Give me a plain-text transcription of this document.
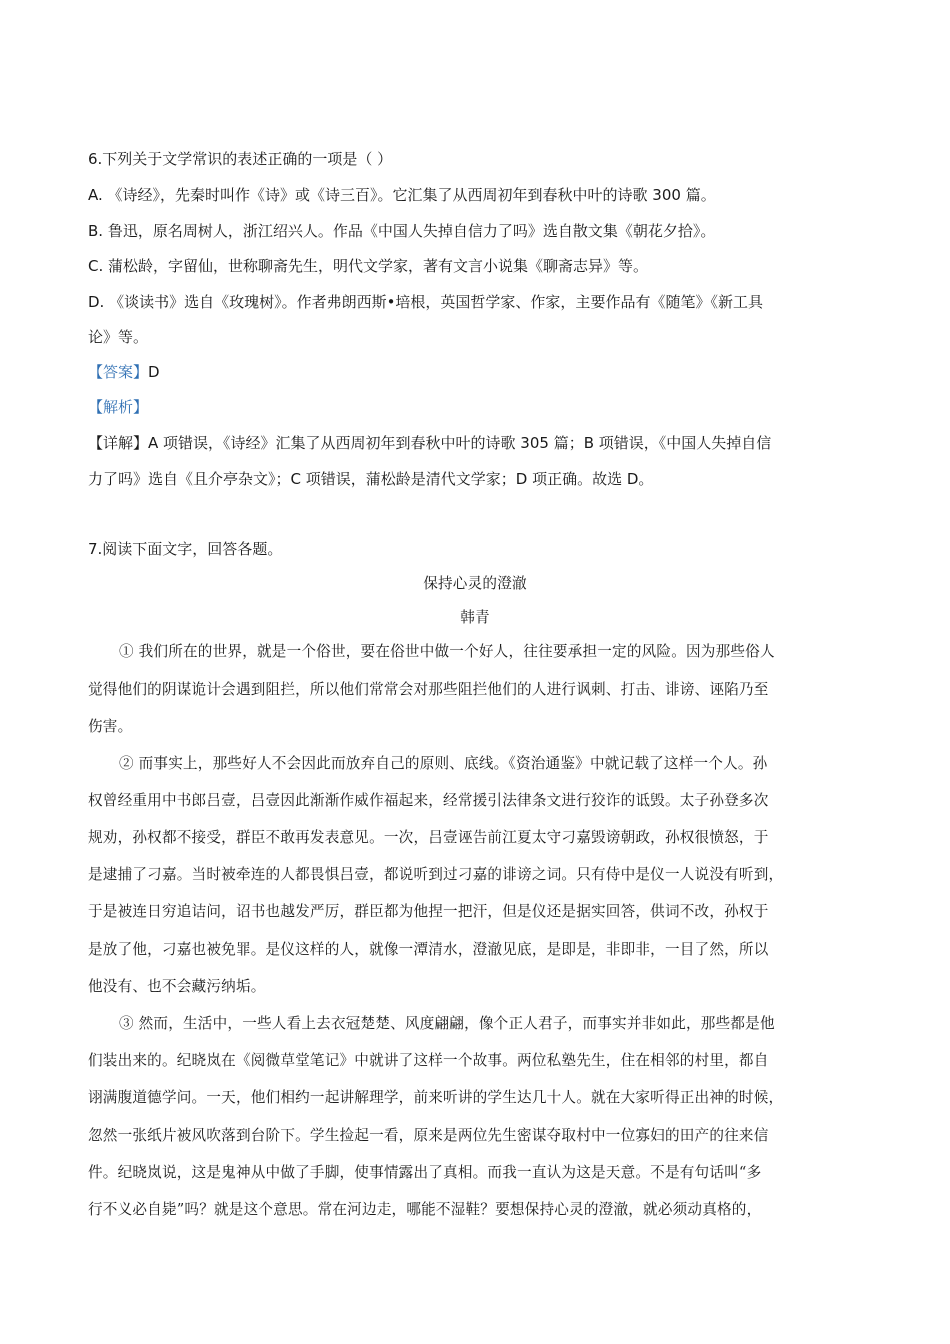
6.下列关于文学常识的表述正确的一项是（ ）
A. 《诗经》，先秦时叫作《诗》或《诗三百》。它汇集了从西周初年到春秋中叶的诗歌 300 篇。
B. 鲁迅，原名周树人，浙江绍兴人。作品《中国人失掉自信力了吗》选自散文集《朝花夕拾》。
C. 蒲松龄，字留仙，世称聊斋先生，明代文学家，著有文言小说集《聊斋志异》等。
D. 《谈读书》选自《玫瑰树》。作者弗朗西斯•培根，英国哲学家、作家，主要作品有《随笔》《新工具
论》等。
【答案】D
【解析】
【详解】A 项错误，《诗经》汇集了从西周初年到春秋中叶的诗歌 305 篇；B 项错误，《中国人失掉自信
力了吗》选自《且介亭杂文》；C 项错误，蒲松龄是清代文学家；D 项正确。故选 D。
7.阅读下面文字，回答各题。
保持心灵的澄澈
韩青
① 我们所在的世界，就是一个俗世，要在俗世中做一个好人，往往要承担一定的风险。因为那些俗人
觉得他们的阴谋诡计会遇到阻拦，所以他们常常会对那些阻拦他们的人进行讽刺、打击、诽谤、诬陷乃至
伤害。
② 而事实上，那些好人不会因此而放弃自己的原则、底线。《资治通鉴》中就记载了这样一个人。孙
权曾经重用中书郎吕壹，吕壹因此渐渐作威作福起来，经常援引法律条文进行狡诈的诋毁。太子孙登多次
规劝，孙权都不接受，群臣不敢再发表意见。一次，吕壹诬告前江夏太守刁嘉毁谤朝政，孙权很愤怒，于
是逮捕了刁嘉。当时被牵连的人都畏惧吕壹，都说听到过刁嘉的诽谤之词。只有侍中是仪一人说没有听到，
于是被连日穷追诘问，诏书也越发严厉，群臣都为他捏一把汗，但是仪还是据实回答，供词不改，孙权于
是放了他，刁嘉也被免罪。是仪这样的人，就像一潭清水，澄澈见底，是即是，非即非，一目了然，所以
他没有、也不会藏污纳垢。
③ 然而，生活中，一些人看上去衣冠楚楚、风度翩翩，像个正人君子，而事实并非如此，那些都是他
们装出来的。纪晓岚在《阅微草堂笔记》中就讲了这样一个故事。两位私塾先生，住在相邻的村里，都自
诩满腹道德学问。一天，他们相约一起讲解理学，前来听讲的学生达几十人。就在大家听得正出神的时候，
忽然一张纸片被风吹落到台阶下。学生捡起一看，原来是两位先生密谋夺取村中一位寡妇的田产的往来信
件。纪晓岚说，这是鬼神从中做了手脚，使事情露出了真相。而我一直认为这是天意。不是有句话叫“多
行不义必自毙”吗？就是这个意思。常在河边走，哪能不湿鞋？要想保持心灵的澄澈，就必须动真格的，
